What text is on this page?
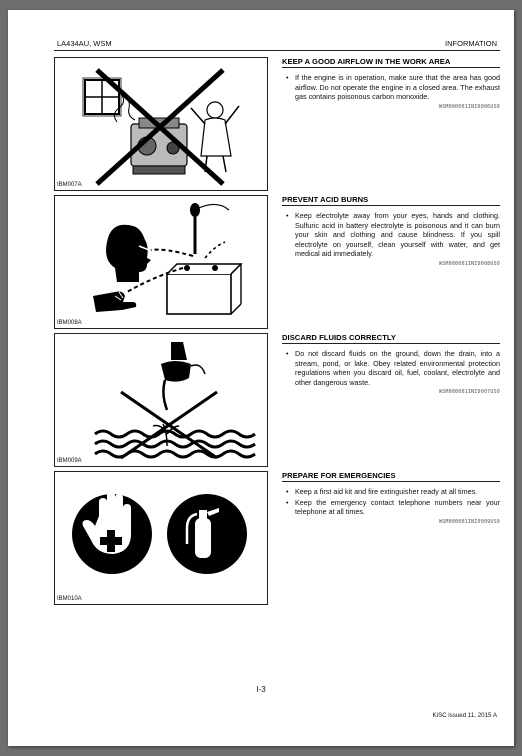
LA434AU, WSM	INFORMATION
IBM007A
IBM008A
IBM009A
IBM010A
KEEP A GOOD AIRFLOW IN THE WORK AREA
• If the engine is in operation, make sure that the area has good airflow. Do not operate the engine in a closed area. The exhaust gas contains poisonous carbon monoxide.
WSM000001INI0006US0
PREVENT ACID BURNS
• Keep electrolyte away from your eyes, hands and clothing. Sulfuric acid in battery electrolyte is poisonous and it can burn your skin and clothing and cause blindness. If you spill electrolyte on yourself, clean yourself with water, and get medical aid immediately.
WSM000001INI0008US0
DISCARD FLUIDS CORRECTLY
• Do not discard fluids on the ground, down the drain, into a stream, pond, or lake. Obey related environmental protection regulations when you discard oil, fuel, coolant, electrolyte and other dangerous waste.
WSM000001INI0007US0
PREPARE FOR EMERGENCIES
• Keep a first aid kit and fire extinguisher ready at all times.
• Keep the emergency contact telephone numbers near your telephone at all times.
WSM000001INI0009US0
I-3
KiSC issued 11, 2015 A
